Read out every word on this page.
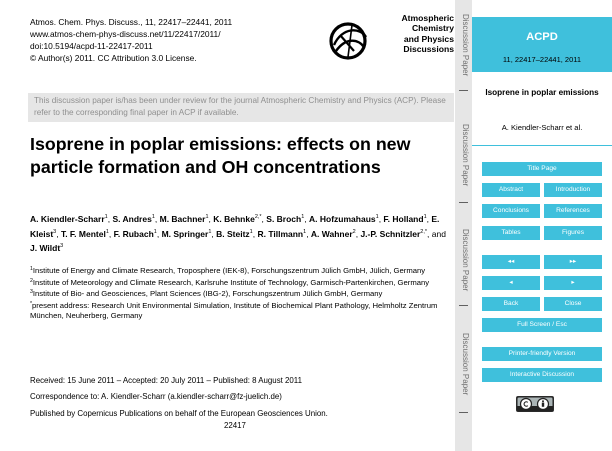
Atmos. Chem. Phys. Discuss., 11, 22417–22441, 2011
www.atmos-chem-phys-discuss.net/11/22417/2011/
doi:10.5194/acpd-11-22417-2011
© Author(s) 2011. CC Attribution 3.0 License.
Atmospheric
Chemistry
and Physics
Discussions
This discussion paper is/has been under review for the journal Atmospheric Chemistry and Physics (ACP). Please refer to the corresponding final paper in ACP if available.
Isoprene in poplar emissions: effects on new particle formation and OH concentrations
A. Kiendler-Scharr$^1$, S. Andres$^1$, M. Bachner$^1$, K. Behnke$^{2,*}$, S. Broch$^1$, A. Hofzumahaus$^1$, F. Holland$^1$, E. Kleist$^3$, T. F. Mentel$^1$, F. Rubach$^1$, M. Springer$^1$, B. Steitz$^1$, R. Tillmann$^1$, A. Wahner$^2$, J.-P. Schnitzler$^{2,*}$, and J. Wildt$^3$
$^1$Institute of Energy and Climate Research, Troposphere (IEK-8), Forschungszentrum Jülich GmbH, Jülich, Germany
$^2$Institute of Meteorology and Climate Research, Karlsruhe Institute of Technology, Garmisch-Partenkirchen, Germany
$^3$Institute of Bio- and Geosciences, Plant Sciences (IBG-2), Forschungszentrum Jülich GmbH, Germany
*present address: Research Unit Environmental Simulation, Institute of Biochemical Plant Pathology, Helmholtz Zentrum München, Neuherberg, Germany
Received: 15 June 2011 – Accepted: 20 July 2011 – Published: 8 August 2011
Correspondence to: A. Kiendler-Scharr (a.kiendler-scharr@fz-juelich.de)
Published by Copernicus Publications on behalf of the European Geosciences Union.
22417
Discussion Paper
Discussion Paper
Discussion Paper
Discussion Paper
ACPD
11, 22417–22441, 2011
Isoprene in poplar emissions
A. Kiendler-Scharr et al.
Title Page
Abstract	Introduction
Conclusions	References
Tables	Figures
◂◂	▸▸
◂	▸
Back	Close
Full Screen / Esc
Printer-friendly Version
Interactive Discussion
